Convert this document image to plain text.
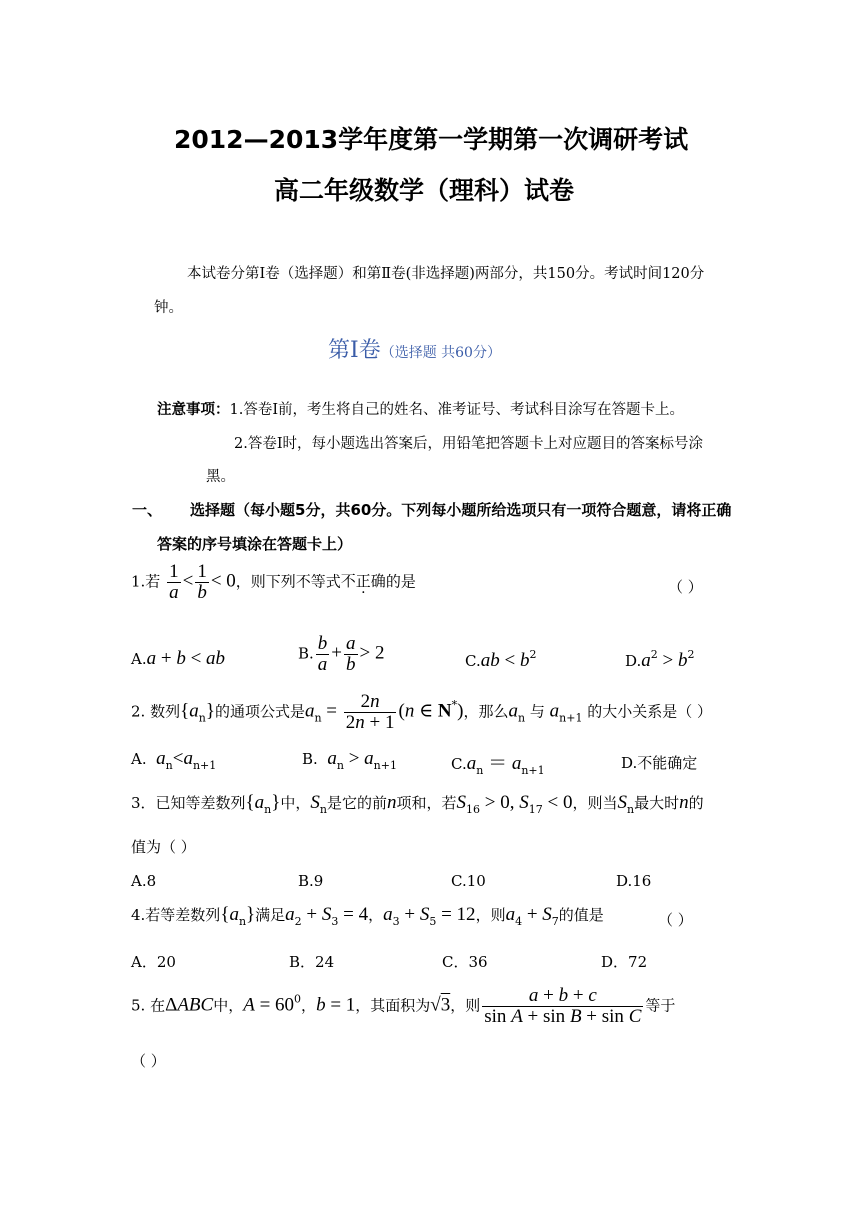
2012—2013学年度第一学期第一次调研考试
高二年级数学（理科）试卷
本试卷分第Ⅰ卷（选择题）和第Ⅱ卷(非选择题)两部分，共150分。考试时间120分
钟。
第Ⅰ卷（选择题 共60分）
注意事项：1.答卷Ⅰ前，考生将自己的姓名、准考证号、考试科目涂写在答题卡上。
2.答卷Ⅰ时，每小题选出答案后，用铅笔把答题卡上对应题目的答案标号涂
黑。
一、 选择题（每小题5分，共60分。下列每小题所给选项只有一项符合题意，请将正确
答案的序号填涂在答题卡上）
1.若 $\frac{1}{a} < \frac{1}{b} < 0$，则下列不等式不正确的是	（ ）
A.a + b < ab	B. $\frac{b}{a} + \frac{a}{b} > 2$	$C.ab < b^2$	$D.a^2 > b^2$
2. 数列$\{a_n\}$的通项公式是$a_n = \frac{2n}{2n + 1} (n$ ∈ N*)，那么$a_n$ 与 $a_{n+1}$ 的大小关系是（ ）
A. $a_n<a_{n+1}$	B. $a_n > a_{n+1}$	$C.a_n = a_{n+1}$	D.不能确定
3．已知等差数列$\{a_n\}$中，$S_n$是它的前n项和，若$S_{16} > 0$, $S_{17} < 0$，则当$S_n$最大时n的
值为（ ）
A.8	B.9	C.10	D.16
4.若等差数列$\{a_n\}$满足$a_2 + S_3 = 4$，$a_3 + S_5 = 12$，则$a_4 + S_7$的值是	（ ）
A．20	B．24	C．36	D．72
5. 在ΔABC中，$A = 60^0$，b = 1，其面积为√3，则 $\frac{a + b + c}{\text{sin A + sin B + sin C}}$ 等于
（ ）
